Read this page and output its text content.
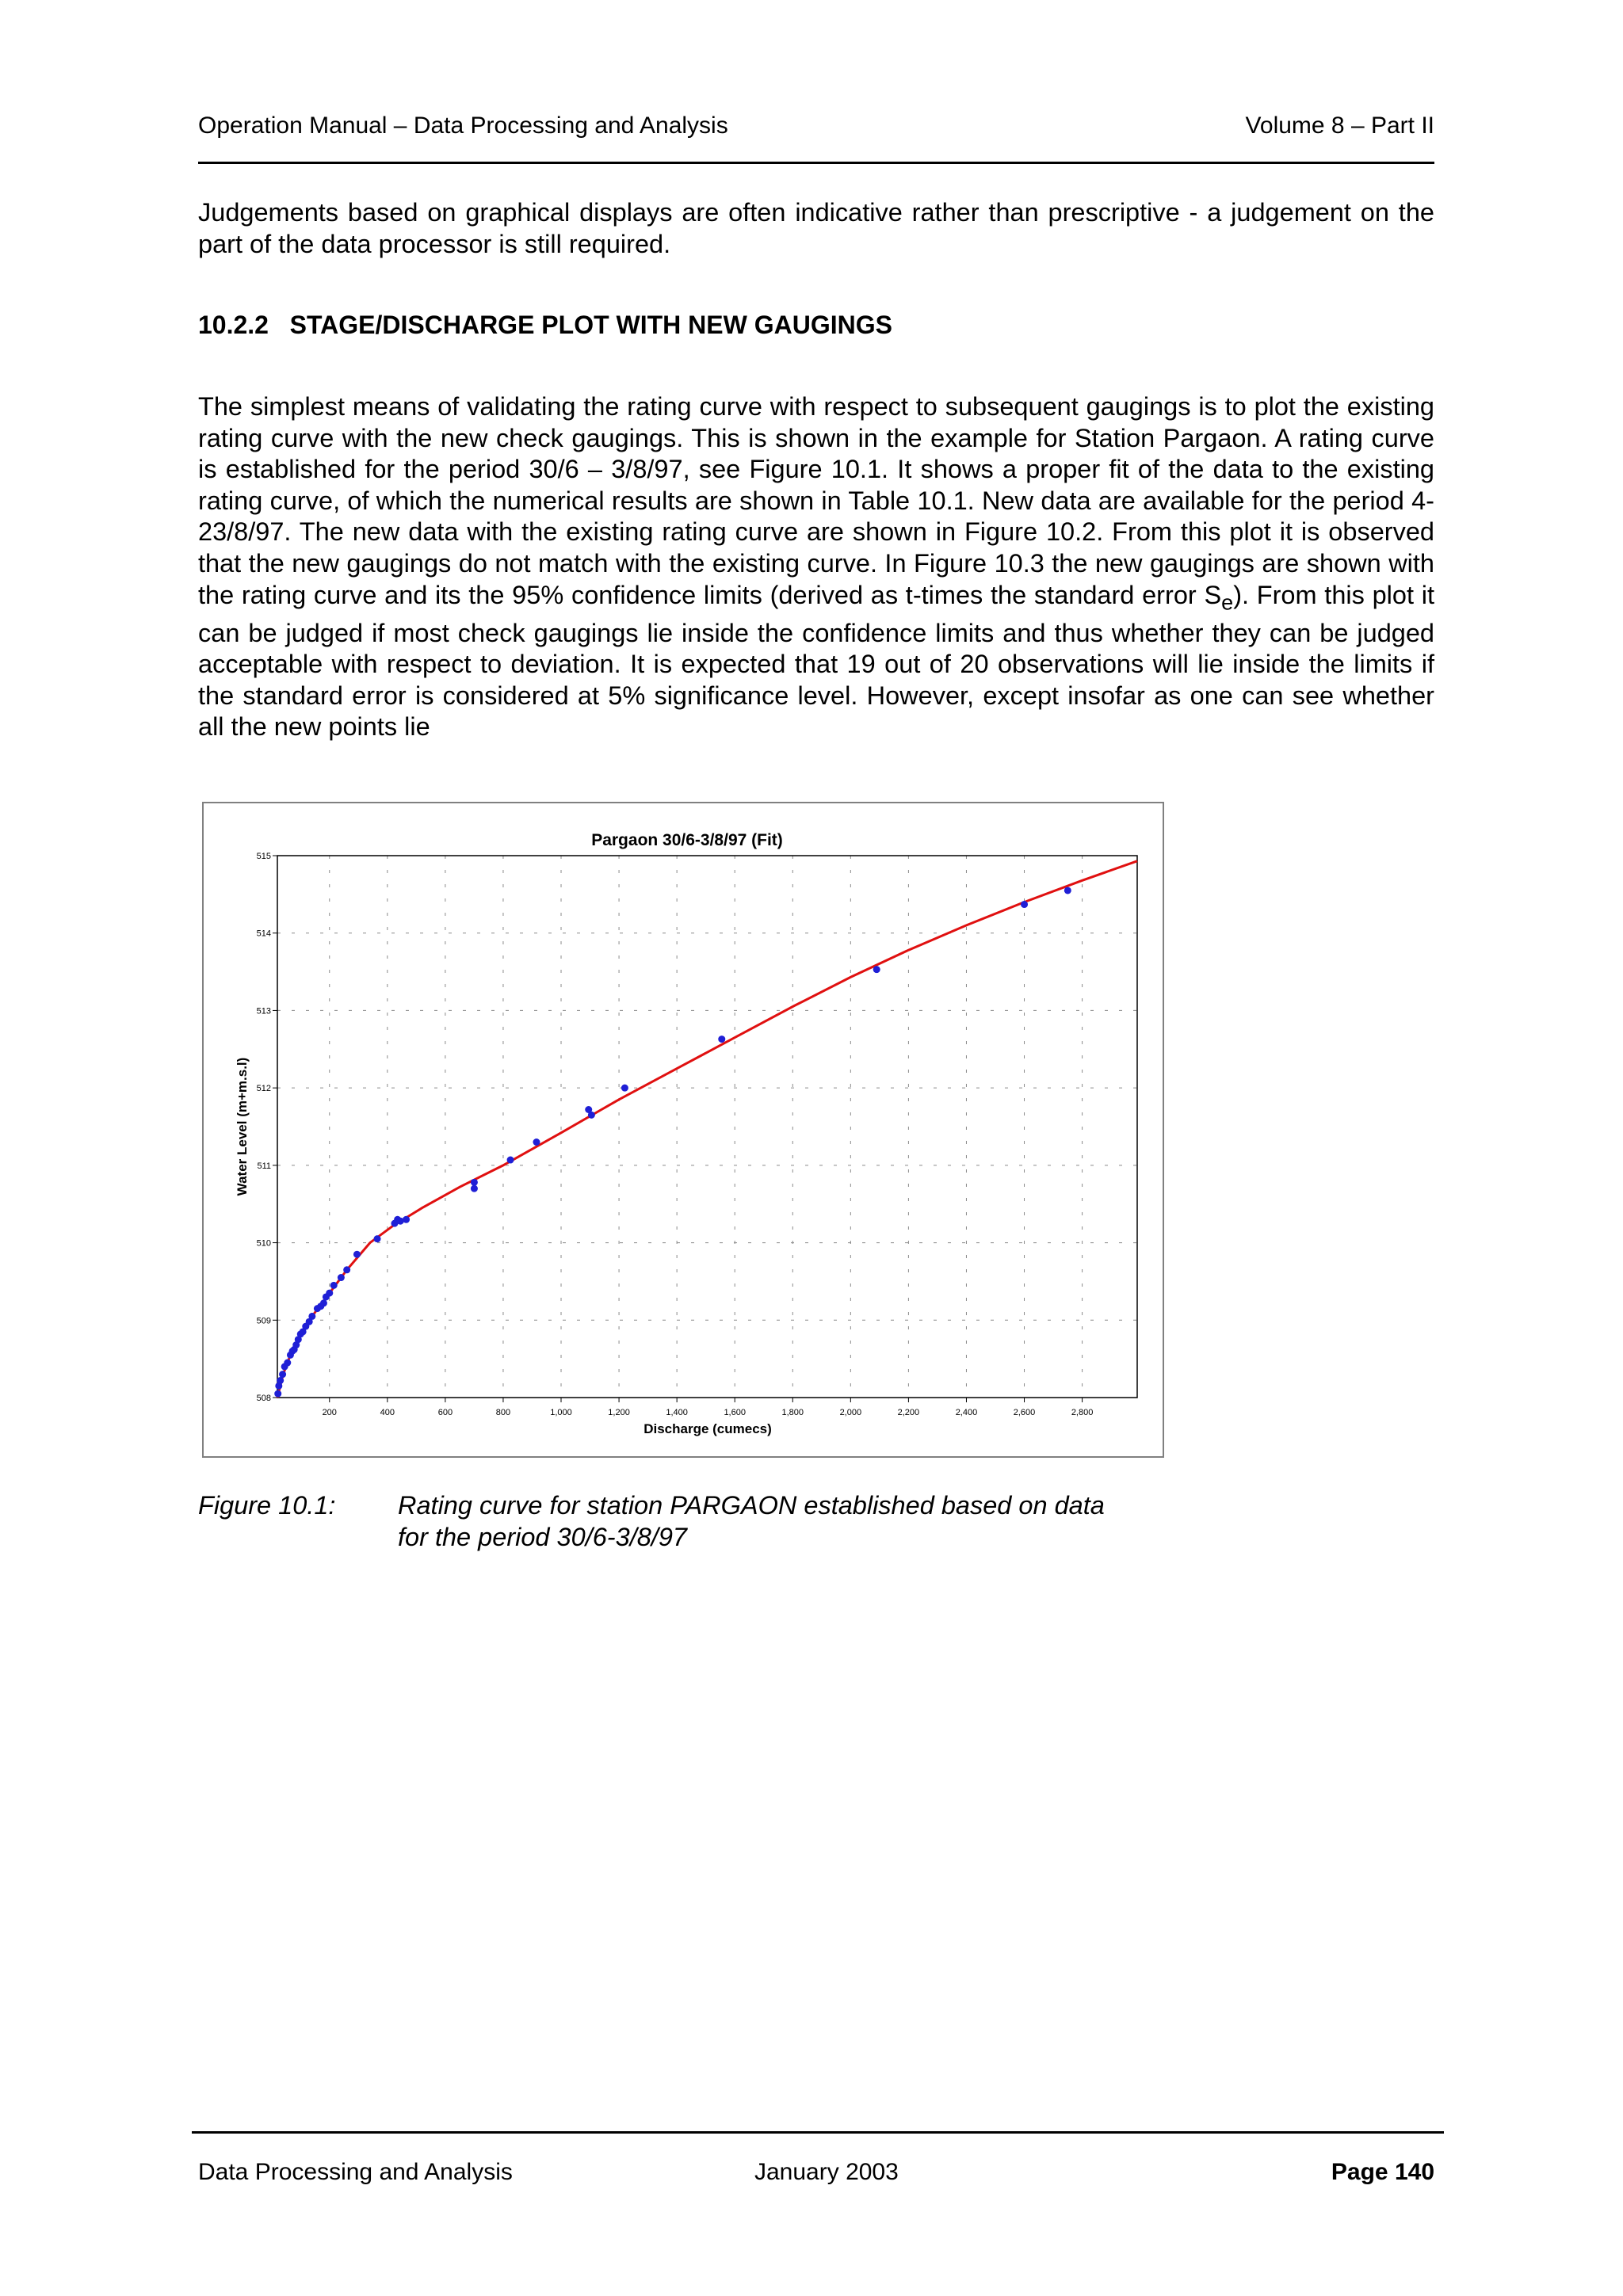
Operation Manual – Data Processing and Analysis	Volume 8 – Part II
Judgements based on graphical displays are often indicative rather than prescriptive - a judgement on the part of the data processor is still required.
10.2.2 STAGE/DISCHARGE PLOT WITH NEW GAUGINGS

The simplest means of validating the rating curve with respect to subsequent gaugings is to plot the existing rating curve with the new check gaugings. This is shown in the example for Station Pargaon. A rating curve is established for the period 30/6 – 3/8/97, see Figure 10.1. It shows a proper fit of the data to the existing rating curve, of which the numerical results are shown in Table 10.1. New data are available for the period 4-23/8/97. The new data with the existing rating curve are shown in Figure 10.2. From this plot it is observed that the new gaugings do not match with the existing curve. In Figure 10.3 the new gaugings are shown with the rating curve and its the 95% confidence limits (derived as t-times the standard error $S_e$). From this plot it can be judged if most check gaugings lie inside the confidence limits and thus whether they can be judged acceptable with respect to deviation. It is expected that 19 out of 20 observations will lie inside the limits if the standard error is considered at 5% significance level. However, except insofar as one can see whether all the new points lie

Pargaon 30/6-3/8/97 (Fit)
508
509
510
511
512
513
514
515
200	400	600	800	1,000	1,200	1,400	1,600	1,800	2,000	2,200	2,400	2,600	2,800
Discharge (cumecs)
Water Level (m+m.s.l)
Figure 10.1:	Rating curve for station PARGAON established based on data for the period 30/6-3/8/97
Data Processing and Analysis	January 2003	Page 140
